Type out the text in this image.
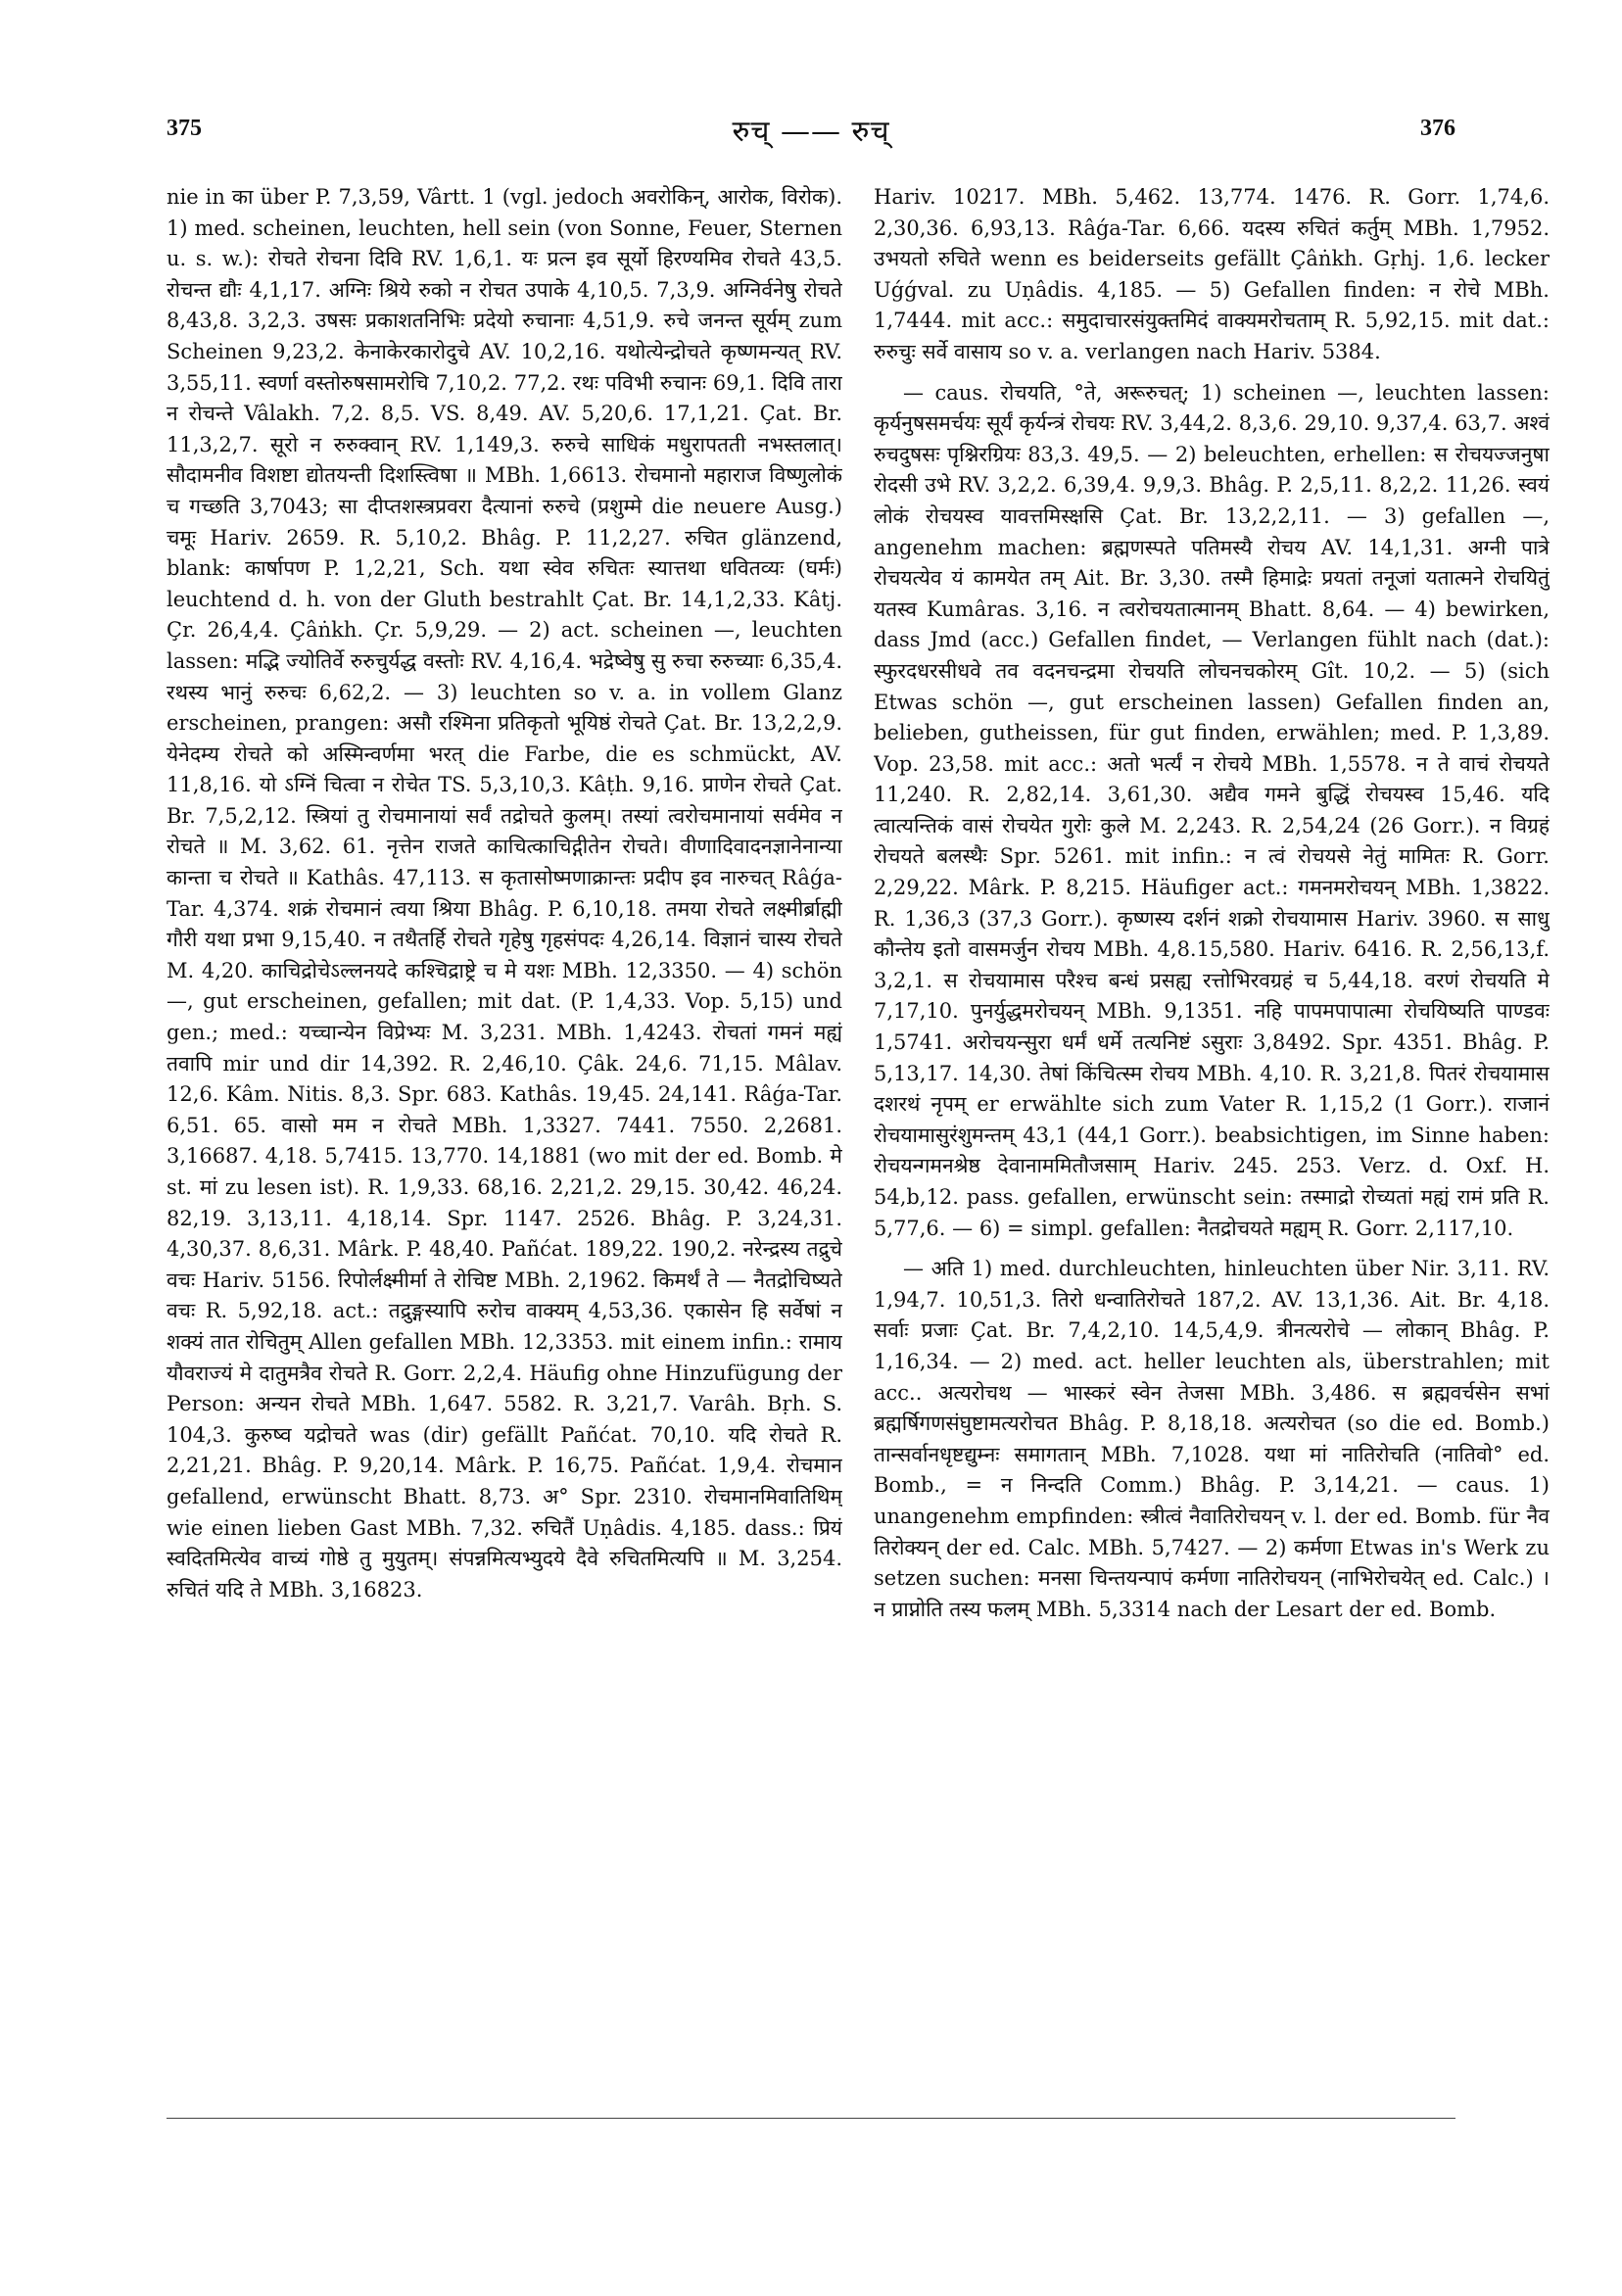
375	रुच् —— रुच्	376

nie in का über P. 7,3,59, Vârtt. 1 (vgl. jedoch अवरोकिन्, आरोक, विरोक). 1) med. scheinen, leuchten, hell sein (von Sonne, Feuer, Sternen u. s. w.): रोचते रोचना दिवि RV. 1,6,1. यः प्रत्न इव सूर्यो हिरण्यमिव रोचते 43,5. रोचन्त द्यौः 4,1,17. अग्निः श्रिये रुको न रोचत उपाके 4,10,5. 7,3,9. अग्निर्वनेषु रोचते 8,43,8. 3,2,3. उषसः प्रकाशतनिभिः प्रदेयो रुचानाः 4,51,9. रुचे जनन्त सूर्यम् zum Scheinen 9,23,2. केनाकेरकारोदुचे AV. 10,2,16. यथोत्येन्द्रोचते कृष्णमन्यत् RV. 3,55,11. स्वर्णा वस्तोरुषसामरोचि 7,10,2. 77,2. रथः पविभी रुचानः 69,1. दिवि तारा न रोचन्ते Vâlakh. 7,2. 8,5. VS. 8,49. AV. 5,20,6. 17,1,21. Çat. Br. 11,3,2,7. सूरो न रुरुक्वान् RV. 1,149,3. रुरुचे साधिकं मधुरापतती नभस्तलात्। सौदामनीव विशष्टा द्योतयन्ती दिशस्त्विषा ॥ MBh. 1,6613. रोचमानो महाराज विष्णुलोकं च गच्छति 3,7043; सा दीप्तशस्त्रप्रवरा दैत्यानां रुरुचे (प्रशुम्मे die neuere Ausg.) चमूः Hariv. 2659. R. 5,10,2. Bhâg. P. 11,2,27. रुचित glänzend, blank: कार्षापण P. 1,2,21, Sch. यथा स्वेव रुचितः स्यात्तथा धवितव्यः (घर्मः) leuchtend d. h. von der Gluth bestrahlt Çat. Br. 14,1,2,33. Kâtj. Çr. 26,4,4. Çâṅkh. Çr. 5,9,29. — 2) act. scheinen —, leuchten lassen: मद्भि ज्योतिर्वे रुरुचुर्यद्ध वस्तोः RV. 4,16,4. भद्रेष्वेषु सु रुचा रुरुच्याः 6,35,4. रथस्य भानुं रुरुचः 6,62,2. — 3) leuchten so v. a. in vollem Glanz erscheinen, prangen: असौ रश्मिना प्रतिकृतो भूयिष्ठं रोचते Çat. Br. 13,2,2,9. येनेदम्य रोचते को अस्मिन्वर्णमा भरत् die Farbe, die es schmückt, AV. 11,8,16. यो ऽग्निं चित्वा न रोचेत TS. 5,3,10,3. Kâṭh. 9,16. प्राणेन रोचते Çat. Br. 7,5,2,12. स्त्रियां तु रोचमानायां सर्वं तद्रोचते कुलम्। तस्यां त्वरोचमानायां सर्वमेव न रोचते ॥ M. 3,62. 61. नृत्तेन राजते काचित्काचिद्गीतेन रोचते। वीणादिवादनज्ञानेनान्या कान्ता च रोचते ॥ Kathâs. 47,113. स कृतासोष्मणाक्रान्तः प्रदीप इव नारुचत् Râǵa-Tar. 4,374. शक्रं रोचमानं त्वया श्रिया Bhâg. P. 6,10,18. तमया रोचते लक्ष्मीर्ब्राह्मी गौरी यथा प्रभा 9,15,40. न तथैतर्हि रोचते गृहेषु गृहसंपदः 4,26,14. विज्ञानं चास्य रोचते M. 4,20. काचिद्रोचेऽल्लनयदे कश्चिद्राष्ट्रे च मे यशः MBh. 12,3350. — 4) schön —, gut erscheinen, gefallen; mit dat. (P. 1,4,33. Vop. 5,15) und gen.; med.: यच्चान्येन विप्रेभ्यः M. 3,231. MBh. 1,4243. रोचतां गमनं मह्यं तवापि mir und dir 14,392. R. 2,46,10. Çâk. 24,6. 71,15. Mâlav. 12,6. Kâm. Nitis. 8,3. Spr. 683. Kathâs. 19,45. 24,141. Râǵa-Tar. 6,51. 65. वासो मम न रोचते MBh. 1,3327. 7441. 7550. 2,2681. 3,16687. 4,18. 5,7415. 13,770. 14,1881 (wo mit der ed. Bomb. मे st. मां zu lesen ist). R. 1,9,33. 68,16. 2,21,2. 29,15. 30,42. 46,24. 82,19. 3,13,11. 4,18,14. Spr. 1147. 2526. Bhâg. P. 3,24,31. 4,30,37. 8,6,31. Mârk. P. 48,40. Pañćat. 189,22. 190,2. नरेन्द्रस्य तद्रुचे वचः Hariv. 5156. रिपोर्लक्ष्मीर्मा ते रोचिष्ट MBh. 2,1962. किमर्थं ते — नैतद्रोचिष्यते वचः R. 5,92,18. act.: तद्रुङ्गस्यापि रुरोच वाक्यम् 4,53,36. एकासेन हि सर्वेषां न शक्यं तात रोचितुम् Allen gefallen MBh. 12,3353. mit einem infin.: रामाय यौवराज्यं मे दातुमत्रैव रोचते R. Gorr. 2,2,4. Häufig ohne Hinzufügung der Person: अन्यन रोचते MBh. 1,647. 5582. R. 3,21,7. Varâh. Bṛh. S. 104,3. कुरुष्व यद्रोचते was (dir) gefällt Pañćat. 70,10. यदि रोचते R. 2,21,21. Bhâg. P. 9,20,14. Mârk. P. 16,75. Pañćat. 1,9,4. रोचमान gefallend, erwünscht Bhatt. 8,73. अ° Spr. 2310. रोचमानमिवातिथिम् wie einen lieben Gast MBh. 7,32. रुचितैं Uṇâdis. 4,185. dass.: प्रियं स्वदितमित्येव वाच्यं गोष्ठे तु मुयुतम्। संपन्नमित्यभ्युदये दैवे रुचितमित्यपि ॥ M. 3,254. रुचितं यदि ते MBh. 3,16823.

Hariv. 10217. MBh. 5,462. 13,774. 1476. R. Gorr. 1,74,6. 2,30,36. 6,93,13. Râǵa-Tar. 6,66. यदस्य रुचितं कर्तुम् MBh. 1,7952. उभयतो रुचिते wenn es beiderseits gefällt Çâṅkh. Gṛhj. 1,6. lecker Uǵǵval. zu Uṇâdis. 4,185. — 5) Gefallen finden: न रोचे MBh. 1,7444. mit acc.: समुदाचारसंयुक्तमिदं वाक्यमरोचताम् R. 5,92,15. mit dat.: रुरुचुः सर्वे वासाय so v. a. verlangen nach Hariv. 5384.

— caus. रोचयति, °ते, अरूरुचत्; 1) scheinen —, leuchten lassen: कृर्यनुषसमर्चयः सूर्यं कृर्यन्त्रं रोचयः RV. 3,44,2. 8,3,6. 29,10. 9,37,4. 63,7. अश्वं रुचदुषसः पृश्निरग्रियः 83,3. 49,5. — 2) beleuchten, erhellen: स रोचयज्जनुषा रोदसी उभे RV. 3,2,2. 6,39,4. 9,9,3. Bhâg. P. 2,5,11. 8,2,2. 11,26. स्वयं लोकं रोचयस्व यावत्तमिस्क्षसि Çat. Br. 13,2,2,11. — 3) gefallen —, angenehm machen: ब्रह्मणस्पते पतिमस्यै रोचय AV. 14,1,31. अग्नी पात्रे रोचयत्येव यं कामयेत तम् Ait. Br. 3,30. तस्मै हिमाद्रेः प्रयतां तनूजां यतात्मने रोचयितुं यतस्व Kumâras. 3,16. न त्वरोचयतात्मानम् Bhatt. 8,64. — 4) bewirken, dass Jmd (acc.) Gefallen findet, — Verlangen fühlt nach (dat.): स्फुरदधरसीधवे तव वदनचन्द्रमा रोचयति लोचनचकोरम् Gît. 10,2. — 5) (sich Etwas schön —, gut erscheinen lassen) Gefallen finden an, belieben, gutheissen, für gut finden, erwählen; med. P. 1,3,89. Vop. 23,58. mit acc.: अतो भर्त्यं न रोचये MBh. 1,5578. न ते वाचं रोचयते 11,240. R. 2,82,14. 3,61,30. अद्यैव गमने बुद्धिं रोचयस्व 15,46. यदि त्वात्यन्तिकं वासं रोचयेत गुरोः कुले M. 2,243. R. 2,54,24 (26 Gorr.). न विग्रहं रोचयते बलस्थैः Spr. 5261. mit infin.: न त्वं रोचयसे नेतुं मामितः R. Gorr. 2,29,22. Mârk. P. 8,215. Häufiger act.: गमनमरोचयन् MBh. 1,3822. R. 1,36,3 (37,3 Gorr.). कृष्णस्य दर्शनं शक्रो रोचयामास Hariv. 3960. स साधु कौन्तेय इतो वासमर्जुन रोचय MBh. 4,8.15,580. Hariv. 6416. R. 2,56,13,f. 3,2,1. स रोचयामास परैश्च बन्धं प्रसह्य रत्तोभिरवग्रहं च 5,44,18. वरणं रोचयति मे 7,17,10. पुनर्युद्धमरोचयन् MBh. 9,1351. नहि पापमपापात्मा रोचयिष्यति पाण्डवः 1,5741. अरोचयन्सुरा धर्मं धर्मे तत्यनिष्टं ऽसुराः 3,8492. Spr. 4351. Bhâg. P. 5,13,17. 14,30. तेषां किंचित्स्म रोचय MBh. 4,10. R. 3,21,8. पितरं रोचयामास दशरथं नृपम् er erwählte sich zum Vater R. 1,15,2 (1 Gorr.). राजानं रोचयामासुरंशुमन्तम् 43,1 (44,1 Gorr.). beabsichtigen, im Sinne haben: रोचयन्गमनश्रेष्ठ देवानाममितौजसाम् Hariv. 245. 253. Verz. d. Oxf. H. 54,b,12. pass. gefallen, erwünscht sein: तस्माद्रो रोच्यतां मह्यं रामं प्रति R. 5,77,6. — 6) = simpl. gefallen: नैतद्रोचयते मह्यम् R. Gorr. 2,117,10.

— अति 1) med. durchleuchten, hinleuchten über Nir. 3,11. RV. 1,94,7. 10,51,3. तिरो धन्वातिरोचते 187,2. AV. 13,1,36. Ait. Br. 4,18. सर्वाः प्रजाः Çat. Br. 7,4,2,10. 14,5,4,9. त्रीनत्यरोचे — लोकान् Bhâg. P. 1,16,34. — 2) med. act. heller leuchten als, überstrahlen; mit acc.. अत्यरोचथ — भास्करं स्वेन तेजसा MBh. 3,486. स ब्रह्मवर्चसेन सभां ब्रह्मर्षिगणसंघुष्टामत्यरोचत Bhâg. P. 8,18,18. अत्यरोचत (so die ed. Bomb.) तान्सर्वानधृष्टद्युम्नः समागतान् MBh. 7,1028. यथा मां नातिरोचति (नातिवो° ed. Bomb., = न निन्दति Comm.) Bhâg. P. 3,14,21. — caus. 1) unangenehm empfinden: स्त्रीत्वं नैवातिरोचयन् v. l. der ed. Bomb. für नैव तिरोक्यन् der ed. Calc. MBh. 5,7427. — 2) कर्मणा Etwas in's Werk zu setzen suchen: मनसा चिन्तयन्पापं कर्मणा नातिरोचयन् (नाभिरोचयेत् ed. Calc.) । न प्राप्नोति तस्य फलम् MBh. 5,3314 nach der Lesart der ed. Bomb.
